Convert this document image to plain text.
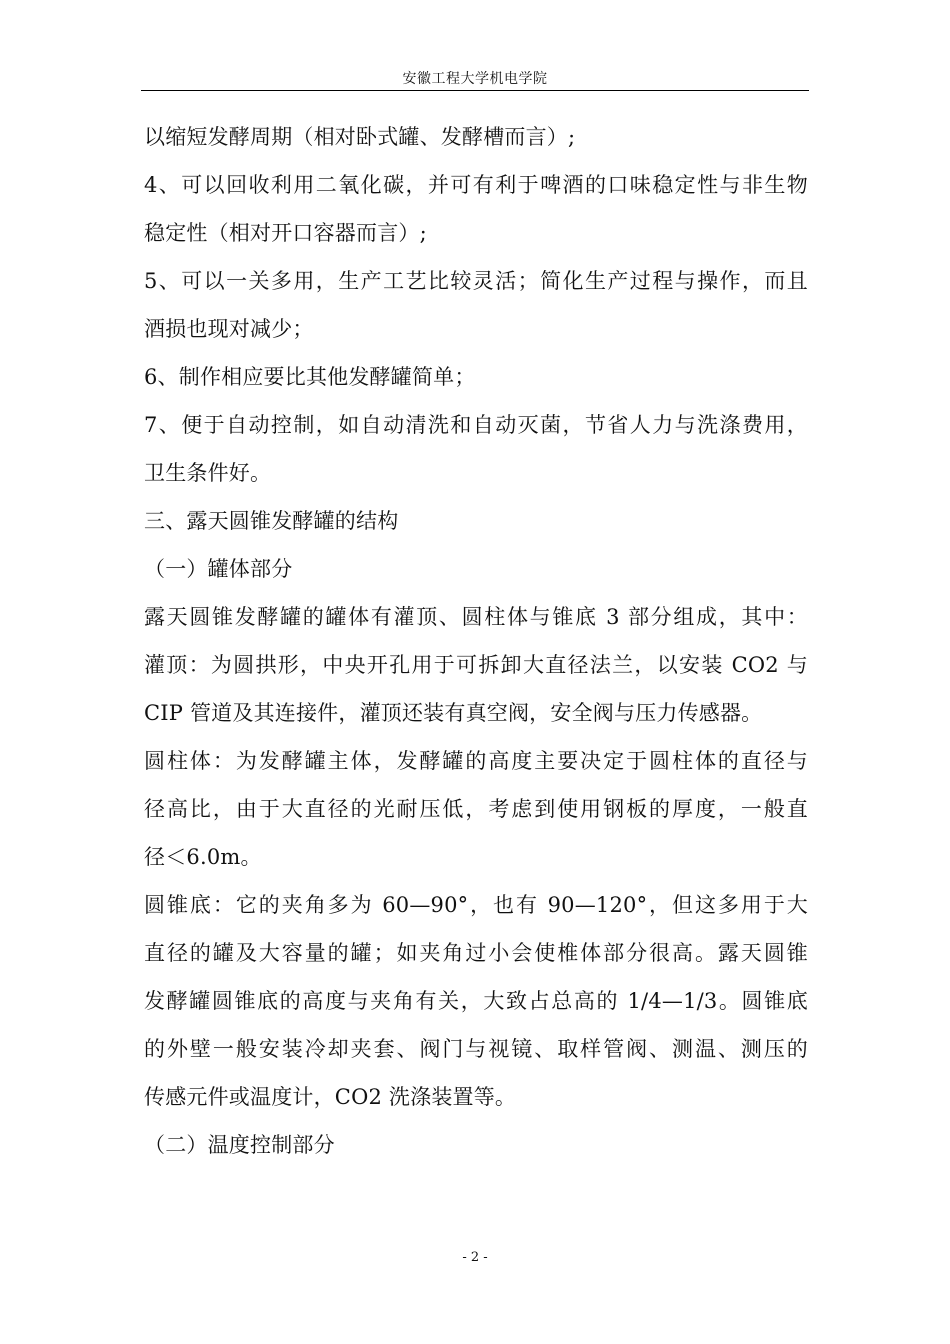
安徽工程大学机电学院
以缩短发酵周期（相对卧式罐、发酵槽而言）;
4、可以回收利用二氧化碳，并可有利于啤酒的口味稳定性与非生物
稳定性（相对开口容器而言）;
5、可以一关多用，生产工艺比较灵活；简化生产过程与操作，而且
酒损也现对减少；
6、制作相应要比其他发酵罐简单；
7、便于自动控制，如自动清洗和自动灭菌，节省人力与洗涤费用，
卫生条件好。
三、露天圆锥发酵罐的结构
（一）罐体部分
露天圆锥发酵罐的罐体有灌顶、圆柱体与锥底 3 部分组成，其中：
灌顶：为圆拱形，中央开孔用于可拆卸大直径法兰，以安装 CO2 与
CIP 管道及其连接件，灌顶还装有真空阀，安全阀与压力传感器。
圆柱体：为发酵罐主体，发酵罐的高度主要决定于圆柱体的直径与
径高比，由于大直径的光耐压低，考虑到使用钢板的厚度，一般直
径＜6.0m。
圆锥底：它的夹角多为 60—90°，也有 90—120°，但这多用于大
直径的罐及大容量的罐；如夹角过小会使椎体部分很高。露天圆锥
发酵罐圆锥底的高度与夹角有关，大致占总高的 1/4—1/3。圆锥底
的外壁一般安装冷却夹套、阀门与视镜、取样管阀、测温、测压的
传感元件或温度计，CO2 洗涤装置等。
（二）温度控制部分
- 2 -
